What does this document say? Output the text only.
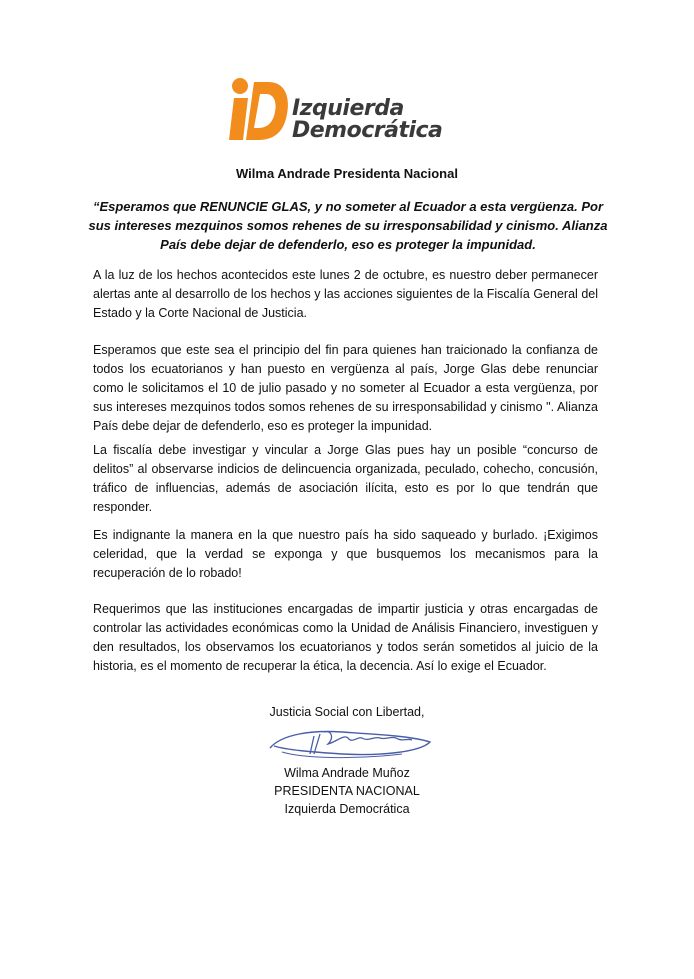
Izquierda
Democrática
Wilma Andrade Presidenta Nacional
“Esperamos que RENUNCIE GLAS, y no someter al Ecuador a esta vergüenza. Por sus intereses mezquinos somos rehenes de su irresponsabilidad y cinismo. Alianza País debe dejar de defenderlo, eso es proteger la impunidad.

A la luz de los hechos acontecidos este lunes 2 de octubre, es nuestro deber permanecer alertas ante al desarrollo de los hechos y las acciones siguientes de la Fiscalía General del Estado y la Corte Nacional de Justicia.

Esperamos que este sea el principio del fin para quienes han traicionado la confianza de todos los ecuatorianos y han puesto en vergüenza al país, Jorge Glas debe renunciar como le solicitamos el 10 de julio pasado y no someter al Ecuador a esta vergüenza, por sus intereses mezquinos todos somos rehenes de su irresponsabilidad y cinismo ". Alianza País debe dejar de defenderlo, eso es proteger la impunidad.

La fiscalía debe investigar y vincular a Jorge Glas pues hay un posible “concurso de delitos” al observarse indicios de delincuencia organizada, peculado, cohecho, concusión, tráfico de influencias, además de asociación ilícita, esto es por lo que tendrán que responder.

Es indignante la manera en la que nuestro país ha sido saqueado y burlado. ¡Exigimos celeridad, que la verdad se exponga y que busquemos los mecanismos para la recuperación de lo robado!

Requerimos que las instituciones encargadas de impartir justicia y otras encargadas de controlar las actividades económicas como la Unidad de Análisis Financiero, investiguen y den resultados, los observamos los ecuatorianos y todos serán sometidos al juicio de la historia, es el momento de recuperar la ética, la decencia. Así lo exige el Ecuador.

Justicia Social con Libertad,
Wilma Andrade Muñoz
PRESIDENTA NACIONAL
Izquierda Democrática
